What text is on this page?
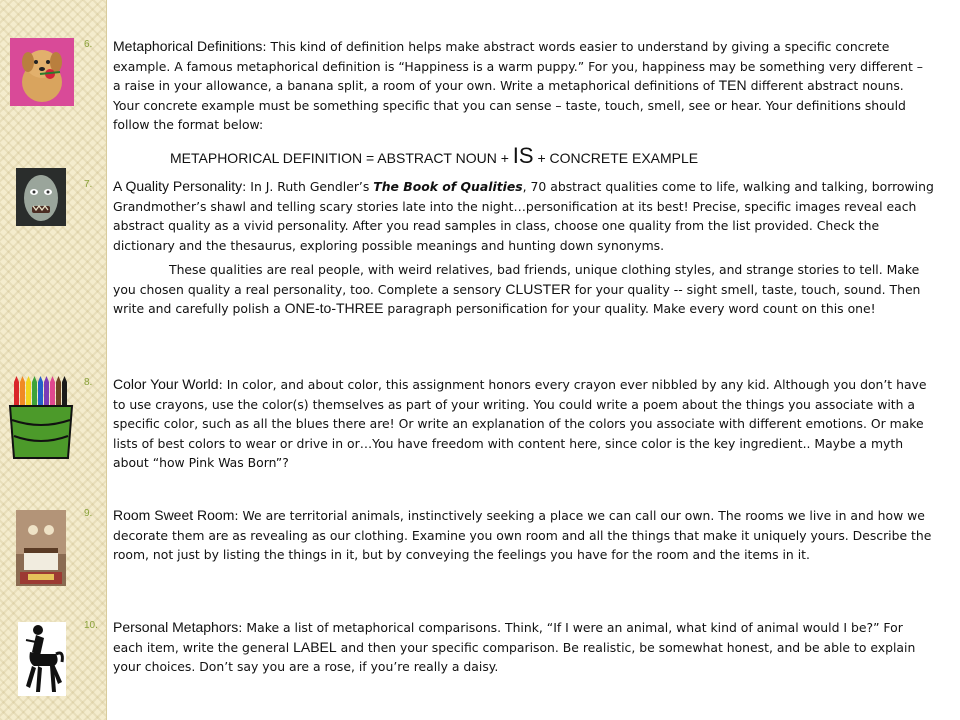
6.	Metaphorical Definitions: This kind of definition helps make abstract words easier to understand by giving a specific concrete example. A famous metaphorical definition is “Happiness is a warm puppy.” For you, happiness may be something very different – a raise in your allowance, a banana split, a room of your own. Write a metaphorical definitions of TEN different abstract nouns. Your concrete example must be something specific that you can sense – taste, touch, smell, see or hear. Your definitions should follow the format below:
METAPHORICAL DEFINITION = ABSTRACT NOUN + IS + CONCRETE EXAMPLE
7.	A Quality Personality: In J. Ruth Gendler’s The Book of Qualities, 70 abstract qualities come to life, walking and talking, borrowing Grandmother’s shawl and telling scary stories late into the night…personification at its best! Precise, specific images reveal each abstract quality as a vivid personality. After you read samples in class, choose one quality from the list provided. Check the dictionary and the thesaurus, exploring possible meanings and hunting down synonyms.
These qualities are real people, with weird relatives, bad friends, unique clothing styles, and strange stories to tell. Make you chosen quality a real personality, too. Complete a sensory CLUSTER for your quality -- sight smell, taste, touch, sound. Then write and carefully polish a ONE-to-THREE paragraph personification for your quality. Make every word count on this one!
8.	Color Your World: In color, and about color, this assignment honors every crayon ever nibbled by any kid. Although you don’t have to use crayons, use the color(s) themselves as part of your writing. You could write a poem about the things you associate with a specific color, such as all the blues there are! Or write an explanation of the colors you associate with different emotions. Or make lists of best colors to wear or drive in or…You have freedom with content here, since color is the key ingredient.. Maybe a myth about “how Pink Was Born”?
9.	Room Sweet Room: We are territorial animals, instinctively seeking a place we can call our own. The rooms we live in and how we decorate them are as revealing as our clothing. Examine you own room and all the things that make it uniquely yours. Describe the room, not just by listing the things in it, but by conveying the feelings you have for the room and the items in it.
10.	Personal Metaphors: Make a list of metaphorical comparisons. Think, “If I were an animal, what kind of animal would I be?” For each item, write the general LABEL and then your specific comparison. Be realistic, be somewhat honest, and be able to explain your choices. Don’t say you are a rose, if you’re really a daisy.
